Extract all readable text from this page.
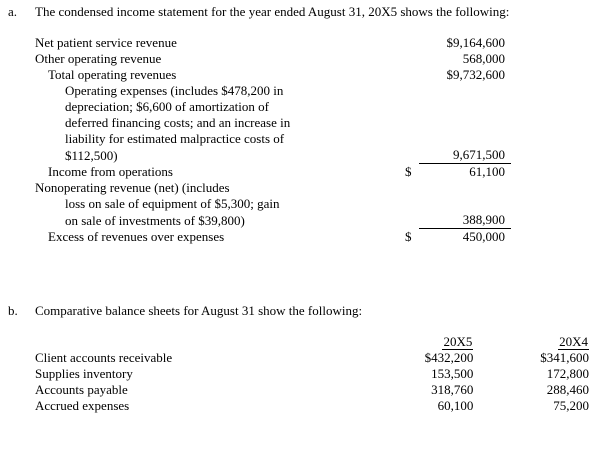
a. The condensed income statement for the year ended August 31, 20X5 shows the following:
Net patient service revenue		$9,164,600
Other operating revenue		568,000
Total operating revenues		$9,732,600
Operating expenses (includes $478,200 in		
depreciation; $6,600 of amortization of		
deferred financing costs; and an increase in		
liability for estimated malpractice costs of		
$112,500)		9,671,500
Income from operations	$	61,100
Nonoperating revenue (net) (includes		
loss on sale of equipment of $5,300; gain		
on sale of investments of $39,800)		388,900
Excess of revenues over expenses	$	450,000
b. Comparative balance sheets for August 31 show the following:
	20X5	20X4
Client accounts receivable	$432,200	$341,600
Supplies inventory	153,500	172,800
Accounts payable	318,760	288,460
Accrued expenses	60,100	75,200
